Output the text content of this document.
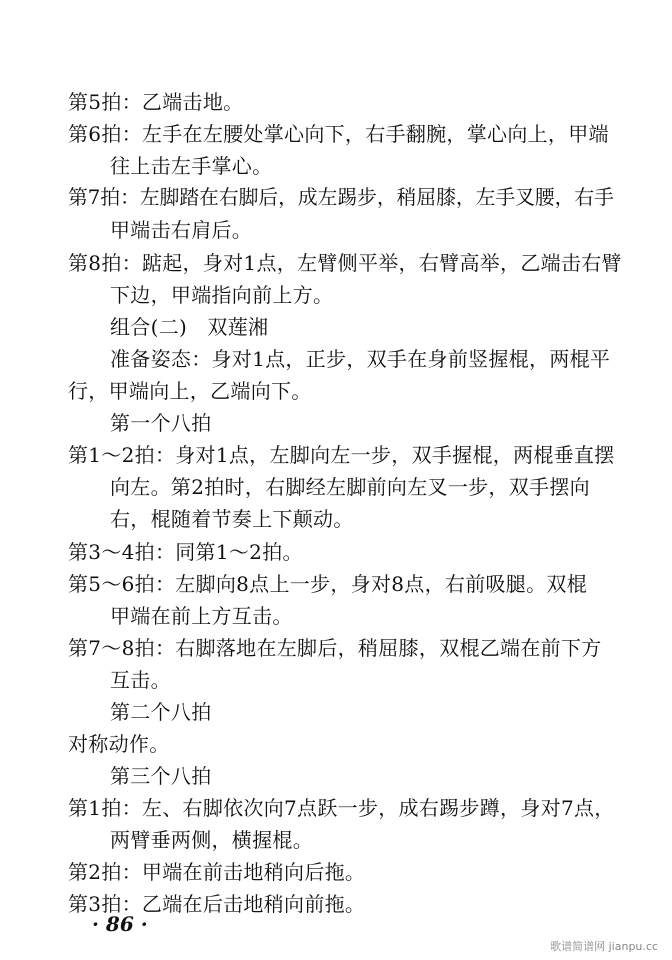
第5拍：乙端击地。
第6拍：左手在左腰处掌心向下，右手翻腕，掌心向上，甲端
往上击左手掌心。
第7拍：左脚踏在右脚后，成左踢步，稍屈膝，左手叉腰，右手
甲端击右肩后。
第8拍：踮起，身对1点，左臂侧平举，右臂高举，乙端击右臂
下边，甲端指向前上方。
组合(二)　双莲湘
准备姿态：身对1点，正步，双手在身前竖握棍，两棍平
行，甲端向上，乙端向下。
第一个八拍
第1～2拍：身对1点，左脚向左一步，双手握棍，两棍垂直摆
向左。第2拍时，右脚经左脚前向左叉一步，双手摆向
右，棍随着节奏上下颠动。
第3～4拍：同第1～2拍。
第5～6拍：左脚向8点上一步，身对8点，右前吸腿。双棍
甲端在前上方互击。
第7～8拍：右脚落地在左脚后，稍屈膝，双棍乙端在前下方
互击。
第二个八拍
对称动作。
第三个八拍
第1拍：左、右脚依次向7点跃一步，成右踢步蹲，身对7点，
两臂垂两侧，横握棍。
第2拍：甲端在前击地稍向后拖。
第3拍：乙端在后击地稍向前拖。
· 86 ·
歌谱简谱网 jianpu.cc
